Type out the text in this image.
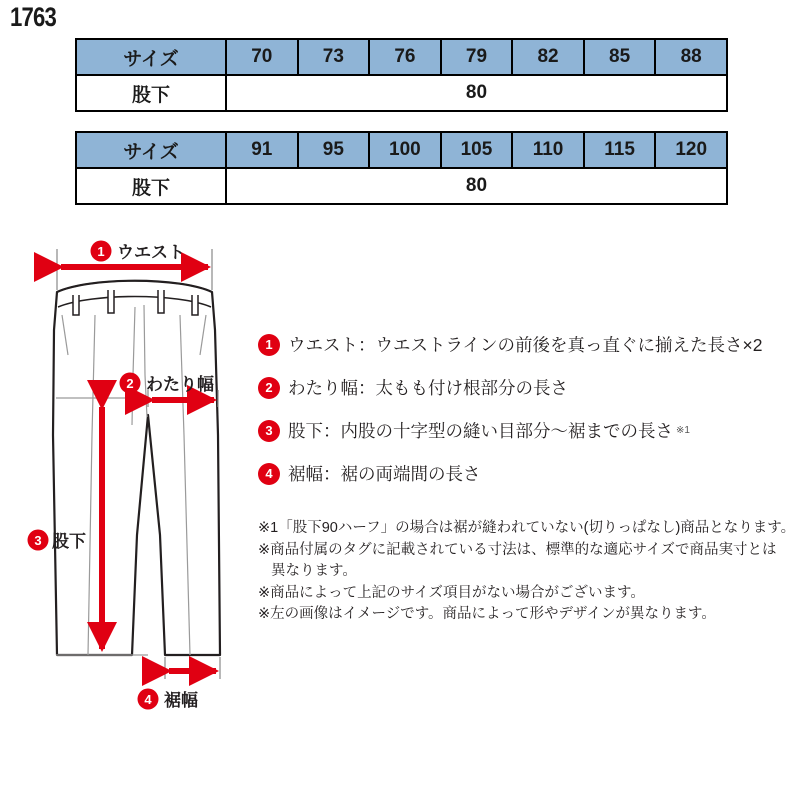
1763
サイズ	70	73	76	79	82	85	88
股下	80						
サイズ	91	95	100	105	110	115	120
股下	80						
1 ウエスト
2 わたり幅
3 股下
4 裾幅
1 ウエスト：ウエストラインの前後を真っ直ぐに揃えた長さ×2
2 わたり幅：太もも付け根部分の長さ
3 股下：内股の十字型の縫い目部分～裾までの長さ $^{※1}$
4 裾幅：裾の両端間の長さ
※1「股下90ハーフ」の場合は裾が縫われていない(切りっぱなし)商品となります。
※商品付属のタグに記載されている寸法は、標準的な適応サイズで商品実寸とは
異なります。
※商品によって上記のサイズ項目がない場合がございます。
※左の画像はイメージです。商品によって形やデザインが異なります。
